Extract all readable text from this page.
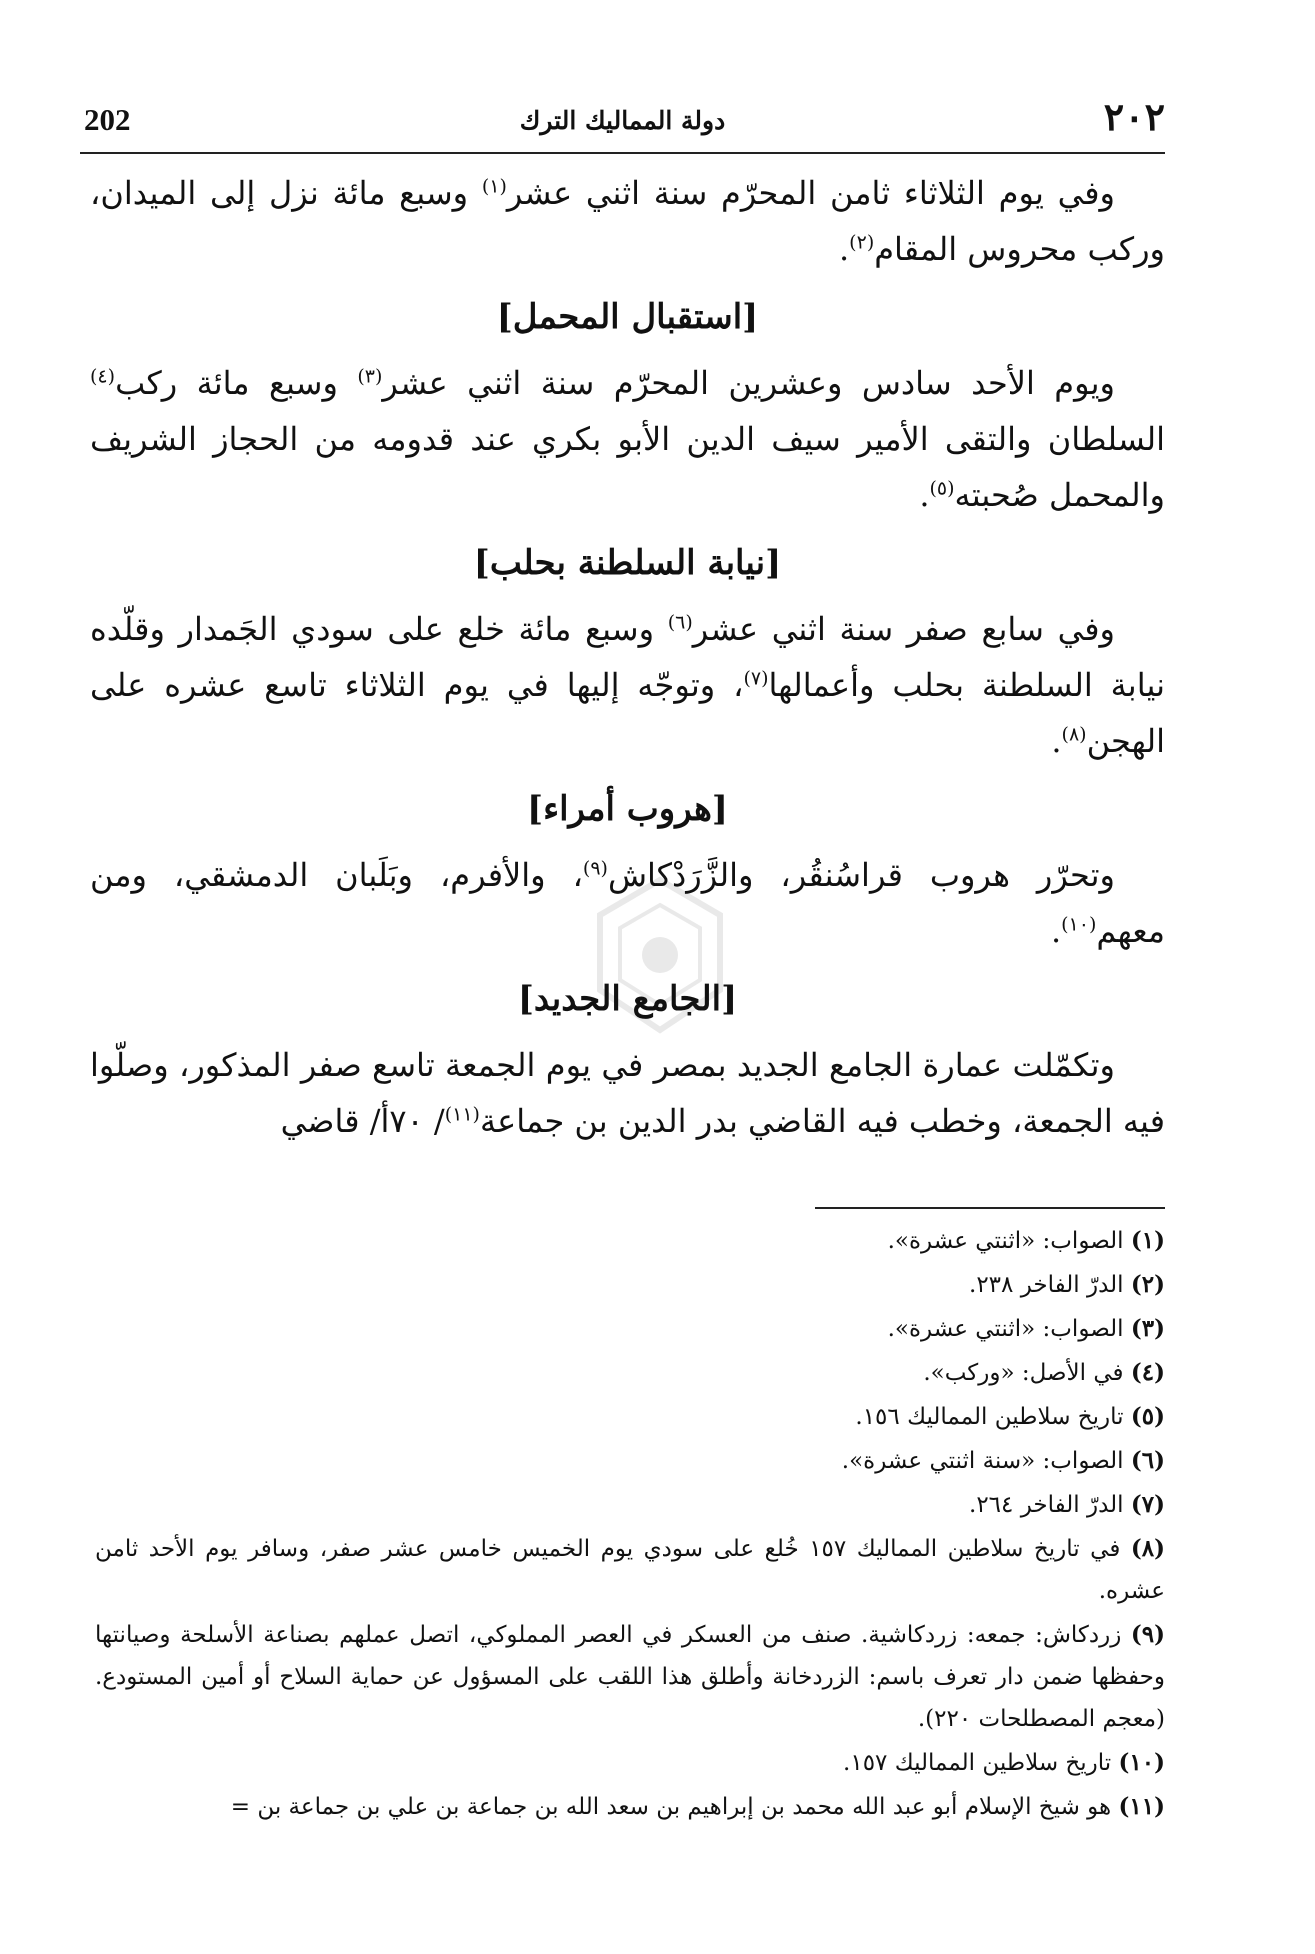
202	دولة المماليك الترك	٢٠٢

وفي يوم الثلاثاء ثامن المحرّم سنة اثني عشر$^{(١)}$ وسبع مائة نزل إلى الميدان، وركب محروس المقام$^{(٢)}$.

[استقبال المحمل]

ويوم الأحد سادس وعشرين المحرّم سنة اثني عشر$^{(٣)}$ وسبع مائة ركب$^{(٤)}$ السلطان والتقى الأمير سيف الدين الأبو بكري عند قدومه من الحجاز الشريف والمحمل صُحبته$^{(٥)}$.

[نيابة السلطنة بحلب]

وفي سابع صفر سنة اثني عشر$^{(٦)}$ وسبع مائة خلع على سودي الجَمدار وقلّده نيابة السلطنة بحلب وأعمالها$^{(٧)}$، وتوجّه إليها في يوم الثلاثاء تاسع عشره على الهجن$^{(٨)}$.

[هروب أمراء]

وتحرّر هروب قراسُنقُر، والزَّرَدْكاش$^{(٩)}$، والأفرم، وبَلَبان الدمشقي، ومن معهم$^{(١٠)}$.

[الجامع الجديد]

وتكمّلت عمارة الجامع الجديد بمصر في يوم الجمعة تاسع صفر المذكور، وصلّوا فيه الجمعة، وخطب فيه القاضي بدر الدين بن جماعة$^{(١١)}$/ ٧٠أ/ قاضي

(١) الصواب: «اثنتي عشرة».

(٢) الدرّ الفاخر ٢٣٨.

(٣) الصواب: «اثنتي عشرة».

(٤) في الأصل: «وركب».

(٥) تاريخ سلاطين المماليك ١٥٦.

(٦) الصواب: «سنة اثنتي عشرة».

(٧) الدرّ الفاخر ٢٦٤.

(٨) في تاريخ سلاطين المماليك ١٥٧ خُلع على سودي يوم الخميس خامس عشر صفر، وسافر يوم الأحد ثامن عشره.

(٩) زردكاش: جمعه: زردكاشية. صنف من العسكر في العصر المملوكي، اتصل عملهم بصناعة الأسلحة وصيانتها وحفظها ضمن دار تعرف باسم: الزردخانة وأطلق هذا اللقب على المسؤول عن حماية السلاح أو أمين المستودع. (معجم المصطلحات ٢٢٠).

(١٠) تاريخ سلاطين المماليك ١٥٧.

(١١) هو شيخ الإسلام أبو عبد الله محمد بن إبراهيم بن سعد الله بن جماعة بن علي بن جماعة بن =
